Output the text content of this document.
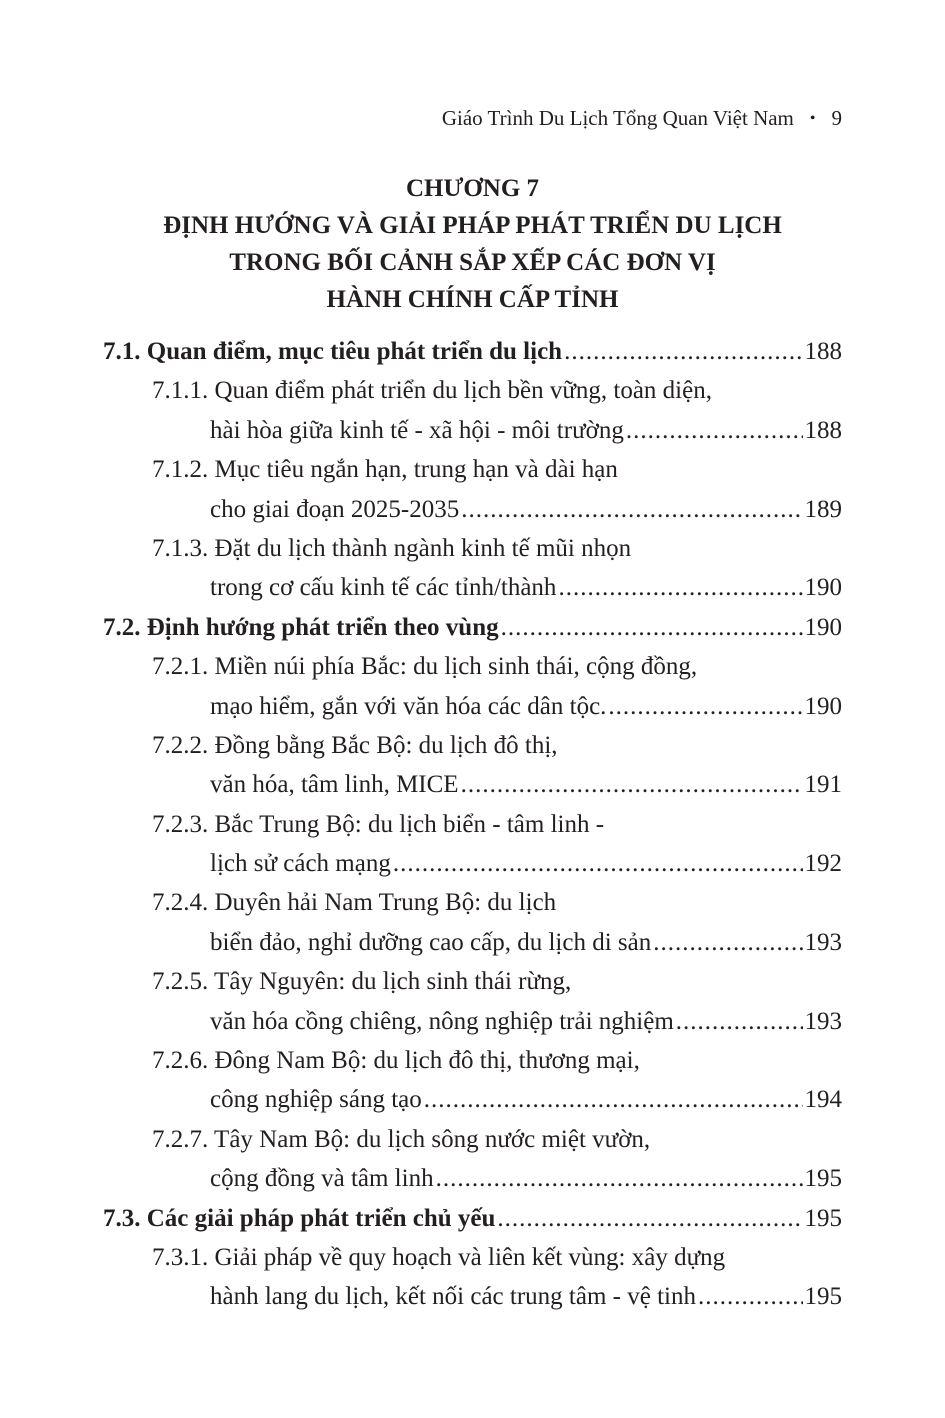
Giáo Trình Du Lịch Tổng Quan Việt Nam • 9
CHƯƠNG 7
ĐỊNH HƯỚNG VÀ GIẢI PHÁP PHÁT TRIỂN DU LỊCH
TRONG BỐI CẢNH SẮP XẾP CÁC ĐƠN VỊ
HÀNH CHÍNH CẤP TỈNH
7.1. Quan điểm, mục tiêu phát triển du lịch .....	188
7.1.1. Quan điểm phát triển du lịch bền vững, toàn diện,
hài hòa giữa kinh tế - xã hội - môi trường .....	188
7.1.2. Mục tiêu ngắn hạn, trung hạn và dài hạn
cho giai đoạn 2025-2035 .....	189
7.1.3. Đặt du lịch thành ngành kinh tế mũi nhọn
trong cơ cấu kinh tế các tỉnh/thành .....	190
7.2. Định hướng phát triển theo vùng .....	190
7.2.1. Miền núi phía Bắc: du lịch sinh thái, cộng đồng,
mạo hiểm, gắn với văn hóa các dân tộc. .....	190
7.2.2. Đồng bằng Bắc Bộ: du lịch đô thị,
văn hóa, tâm linh, MICE .....	191
7.2.3. Bắc Trung Bộ: du lịch biển - tâm linh -
lịch sử cách mạng .....	192
7.2.4. Duyên hải Nam Trung Bộ: du lịch
biển đảo, nghỉ dưỡng cao cấp, du lịch di sản .....	193
7.2.5. Tây Nguyên: du lịch sinh thái rừng,
văn hóa cồng chiêng, nông nghiệp trải nghiệm .....	193
7.2.6. Đông Nam Bộ: du lịch đô thị, thương mại,
công nghiệp sáng tạo .....	194
7.2.7. Tây Nam Bộ: du lịch sông nước miệt vườn,
cộng đồng và tâm linh .....	195
7.3. Các giải pháp phát triển chủ yếu .....	195
7.3.1. Giải pháp về quy hoạch và liên kết vùng: xây dựng
hành lang du lịch, kết nối các trung tâm - vệ tinh .....	195
